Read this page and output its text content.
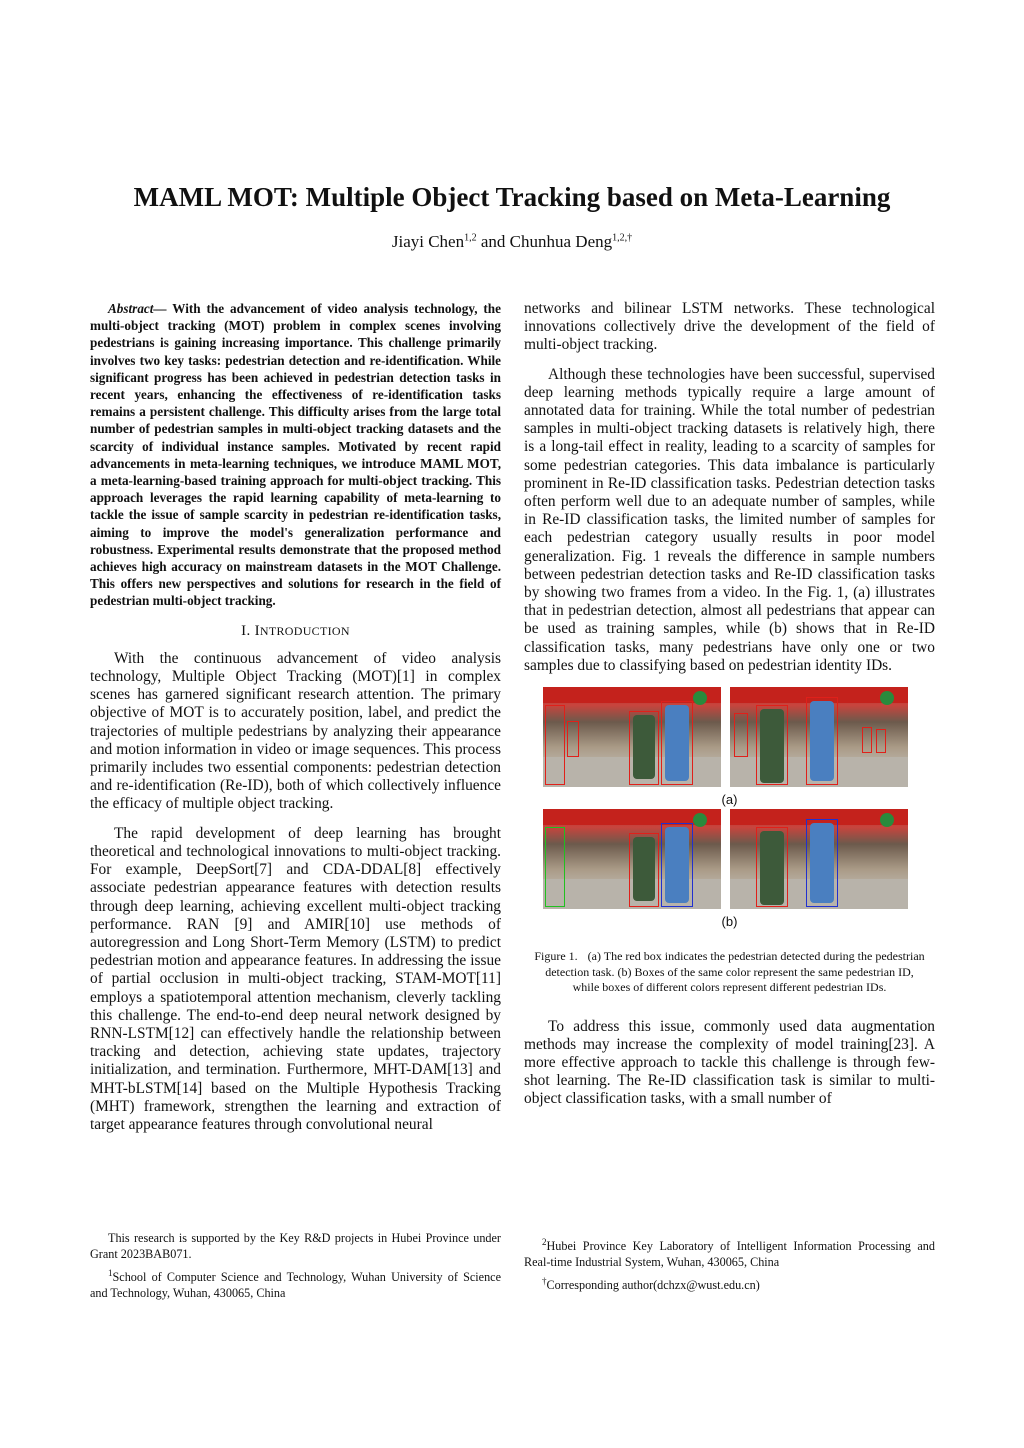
MAML MOT: Multiple Object Tracking based on Meta-Learning
Jiayi Chen$^{1,2}$ and Chunhua Deng$^{1,2,\dagger}$

Abstract— With the advancement of video analysis technology, the multi-object tracking (MOT) problem in complex scenes involving pedestrians is gaining increasing importance. This challenge primarily involves two key tasks: pedestrian detection and re-identification. While significant progress has been achieved in pedestrian detection tasks in recent years, enhancing the effectiveness of re-identification tasks remains a persistent challenge. This difficulty arises from the large total number of pedestrian samples in multi-object tracking datasets and the scarcity of individual instance samples. Motivated by recent rapid advancements in meta-learning techniques, we introduce MAML MOT, a meta-learning-based training approach for multi-object tracking. This approach leverages the rapid learning capability of meta-learning to tackle the issue of sample scarcity in pedestrian re-identification tasks, aiming to improve the model's generalization performance and robustness. Experimental results demonstrate that the proposed method achieves high accuracy on mainstream datasets in the MOT Challenge. This offers new perspectives and solutions for research in the field of pedestrian multi-object tracking.

I. INTRODUCTION

With the continuous advancement of video analysis technology, Multiple Object Tracking (MOT)[1] in complex scenes has garnered significant research attention. The primary objective of MOT is to accurately position, label, and predict the trajectories of multiple pedestrians by analyzing their appearance and motion information in video or image sequences. This process primarily includes two essential components: pedestrian detection and re-identification (Re-ID), both of which collectively influence the efficacy of multiple object tracking.

The rapid development of deep learning has brought theoretical and technological innovations to multi-object tracking. For example, DeepSort[7] and CDA-DDAL[8] effectively associate pedestrian appearance features with detection results through deep learning, achieving excellent multi-object tracking performance. RAN [9] and AMIR[10] use methods of autoregression and Long Short-Term Memory (LSTM) to predict pedestrian motion and appearance features. In addressing the issue of partial occlusion in multi-object tracking, STAM-MOT[11] employs a spatiotemporal attention mechanism, cleverly tackling this challenge. The end-to-end deep neural network designed by RNN-LSTM[12] can effectively handle the relationship between tracking and detection, achieving state updates, trajectory initialization, and termination. Furthermore, MHT-DAM[13] and MHT-bLSTM[14] based on the Multiple Hypothesis Tracking (MHT) framework, strengthen the learning and extraction of target appearance features through convolutional neural

networks and bilinear LSTM networks. These technological innovations collectively drive the development of the field of multi-object tracking.

Although these technologies have been successful, supervised deep learning methods typically require a large amount of annotated data for training. While the total number of pedestrian samples in multi-object tracking datasets is relatively high, there is a long-tail effect in reality, leading to a scarcity of samples for some pedestrian categories. This data imbalance is particularly prominent in Re-ID classification tasks. Pedestrian detection tasks often perform well due to an adequate number of samples, while in Re-ID classification tasks, the limited number of samples for each pedestrian category usually results in poor model generalization. Fig. 1 reveals the difference in sample numbers between pedestrian detection tasks and Re-ID classification tasks by showing two frames from a video. In the Fig. 1, (a) illustrates that in pedestrian detection, almost all pedestrians that appear can be used as training samples, while (b) shows that in Re-ID classification tasks, many pedestrians have only one or two samples due to classifying based on pedestrian identity IDs.

(a)
(b)

Figure 1. (a) The red box indicates the pedestrian detected during the pedestrian detection task. (b) Boxes of the same color represent the same pedestrian ID, while boxes of different colors represent different pedestrian IDs.

To address this issue, commonly used data augmentation methods may increase the complexity of model training[23]. A more effective approach to tackle this challenge is through few-shot learning. The Re-ID classification task is similar to multi-object classification tasks, with a small number of

This research is supported by the Key R&D projects in Hubei Province under Grant 2023BAB071.

$^1$School of Computer Science and Technology, Wuhan University of Science and Technology, Wuhan, 430065, China

$^2$Hubei Province Key Laboratory of Intelligent Information Processing and Real-time Industrial System, Wuhan, 430065, China

†Corresponding author(dchzx@wust.edu.cn)
